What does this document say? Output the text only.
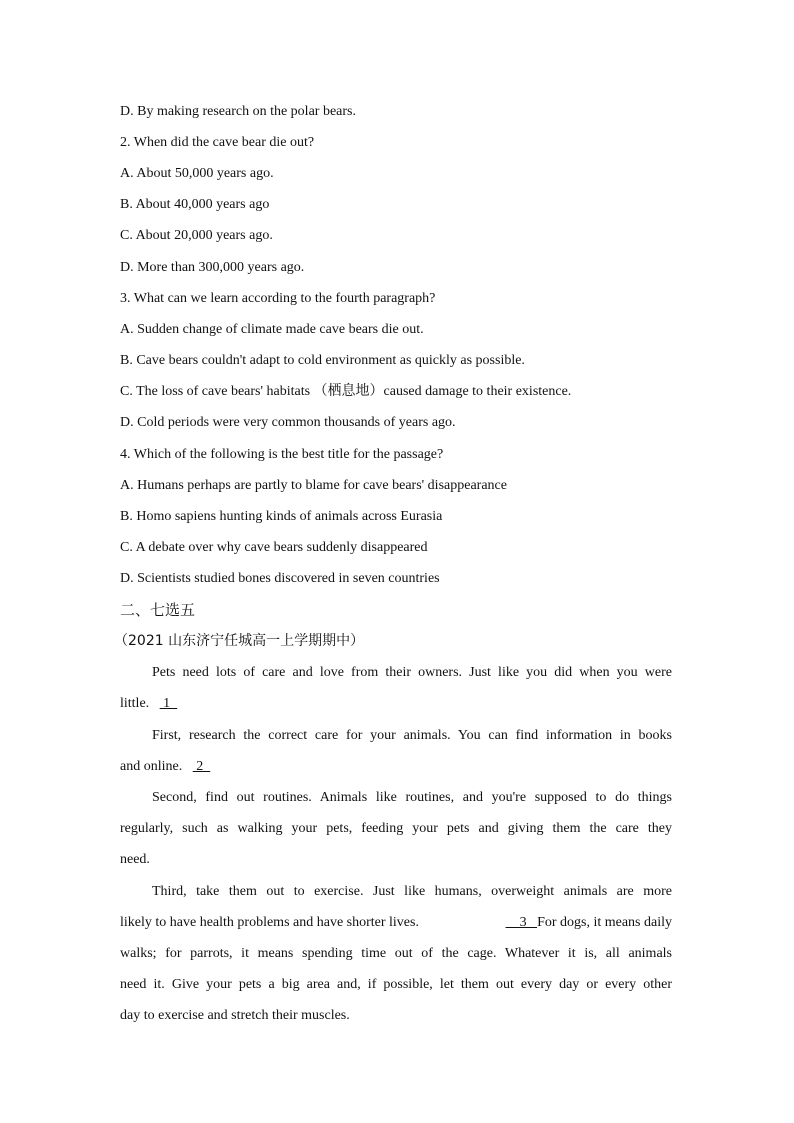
D. By making research on the polar bears.
2. When did the cave bear die out?
A. About 50,000 years ago.
B. About 40,000 years ago
C. About 20,000 years ago.
D. More than 300,000 years ago.
3. What can we learn according to the fourth paragraph?
A. Sudden change of climate made cave bears die out.
B. Cave bears couldn't adapt to cold environment as quickly as possible.
C. The loss of cave bears' habitats （栖息地）caused damage to their existence.
D. Cold periods were very common thousands of years ago.
4. Which of the following is the best title for the passage?
A. Humans perhaps are partly to blame for cave bears' disappearance
B. Homo sapiens hunting kinds of animals across Eurasia
C. A debate over why cave bears suddenly disappeared
D. Scientists studied bones discovered in seven countries
二、七选五
（2021 山东济宁任城高一上学期期中）
Pets need lots of care and love from their owners. Just like you did when you were
little.    1
First, research the correct care for your animals. You can find information in books
and online.    2
Second, find out routines. Animals like routines, and you're supposed to do things
regularly, such as walking your pets, feeding your pets and giving them the care they
need.
Third, take them out to exercise. Just like humans, overweight animals are more
likely to have health problems and have shorter lives.	3   For dogs, it means daily
walks; for parrots, it means spending time out of the cage. Whatever it is, all animals
need it. Give your pets a big area and, if possible, let them out every day or every other
day to exercise and stretch their muscles.
